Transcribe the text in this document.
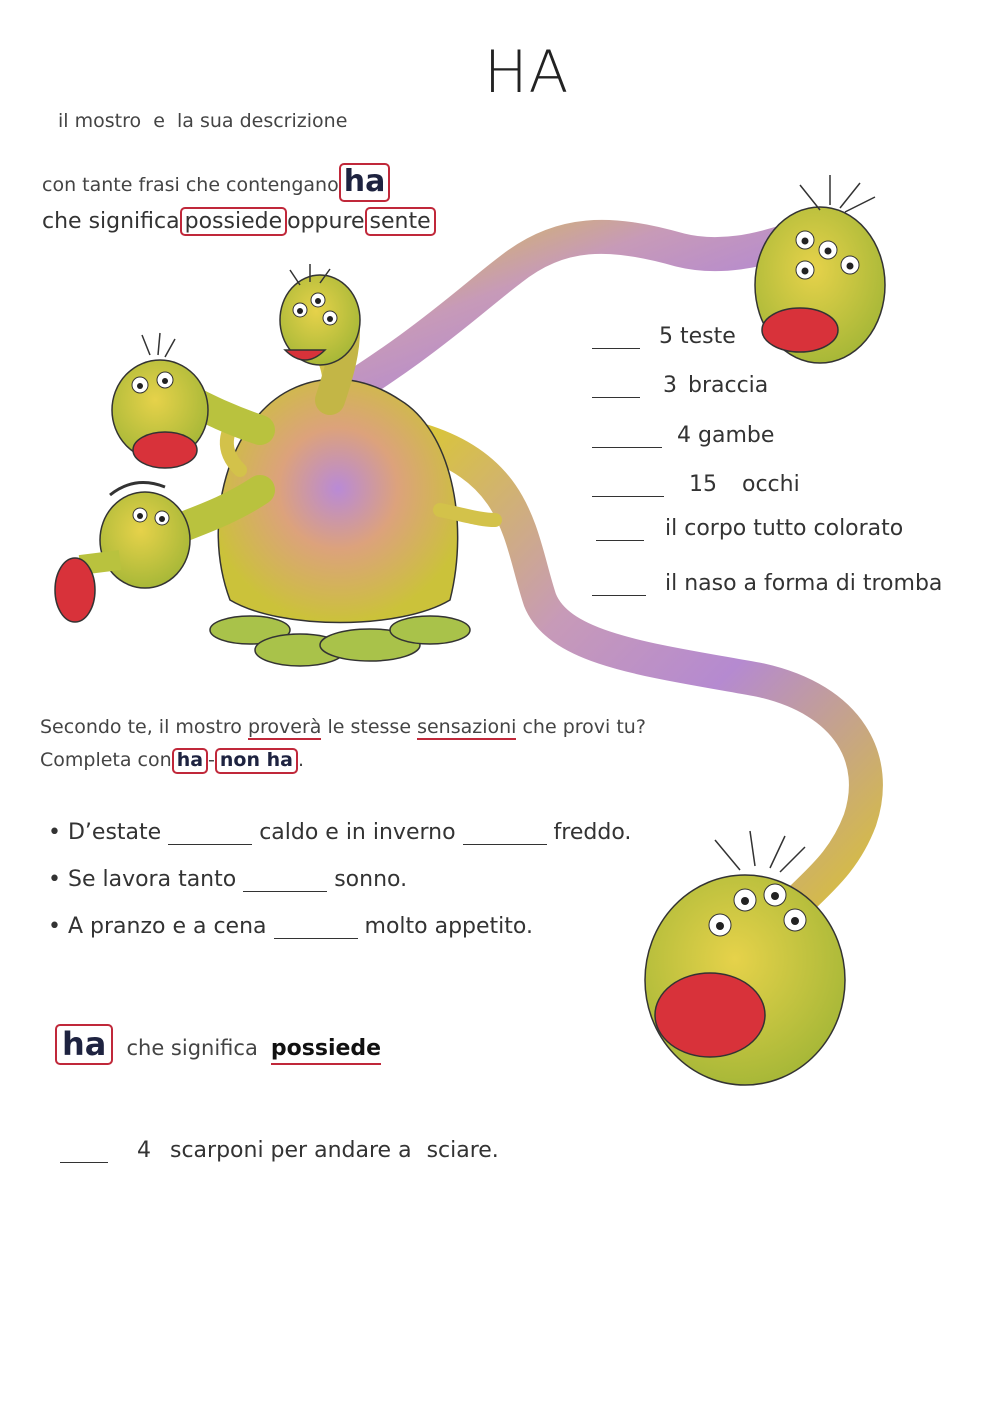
HA
il mostro e la sua descrizione
con tante frasi che contengano ha
che significa possiede oppure sente
5 teste
3 braccia
4 gambe
15 occhi
il corpo tutto colorato
il naso a forma di tromba
Secondo te, il mostro proverà le stesse sensazioni che provi tu?
Completa con ha - non ha .
• D’estate	caldo e in inverno	freddo.
• Se lavora tanto	sonno.
• A pranzo e a cena	molto appetito.
ha che significa possiede
4 scarponi per andare a sciare.
